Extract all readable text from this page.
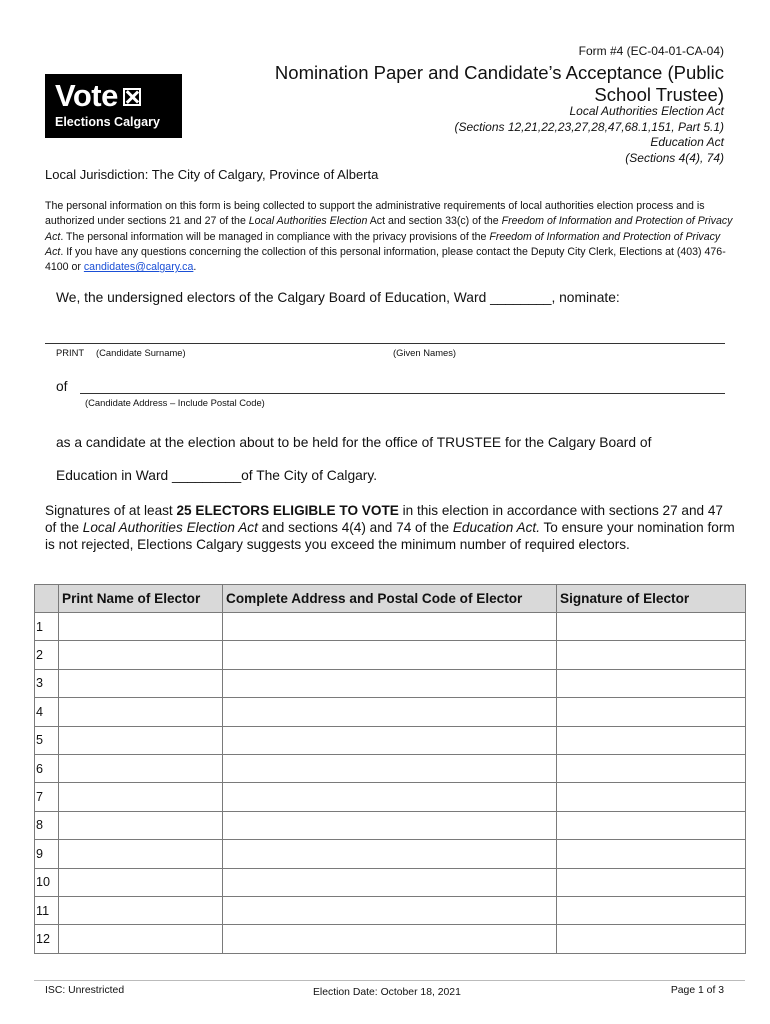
Form #4 (EC-04-01-CA-04)
Vote
Elections Calgary
Nomination Paper and Candidate’s Acceptance (Public School Trustee)
Local Authorities Election Act
(Sections 12,21,22,23,27,28,47,68.1,151, Part 5.1)
Education Act
(Sections 4(4), 74)
Local Jurisdiction: The City of Calgary, Province of Alberta
The personal information on this form is being collected to support the administrative requirements of local authorities election process and is authorized under sections 21 and 27 of the Local Authorities Election Act and section 33(c) of the Freedom of Information and Protection of Privacy Act. The personal information will be managed in compliance with the privacy provisions of the Freedom of Information and Protection of Privacy Act. If you have any questions concerning the collection of this personal information, please contact the Deputy City Clerk, Elections at (403) 476-4100 or candidates@calgary.ca.
We, the undersigned electors of the Calgary Board of Education, Ward ________, nominate:
PRINT (Candidate Surname)	(Given Names)
of
(Candidate Address – Include Postal Code)
as a candidate at the election about to be held for the office of TRUSTEE for the Calgary Board of
Education in Ward _________of The City of Calgary.
Signatures of at least 25 ELECTORS ELIGIBLE TO VOTE in this election in accordance with sections 27 and 47 of the Local Authorities Election Act and sections 4(4) and 74 of the Education Act. To ensure your nomination form is not rejected, Elections Calgary suggests you exceed the minimum number of required electors.
	Print Name of Elector	Complete Address and Postal Code of Elector	Signature of Elector
1			
2			
3			
4			
5			
6			
7			
8			
9			
10			
11			
12			
ISC: Unrestricted	Election Date: October 18, 2021	Page 1 of 3
